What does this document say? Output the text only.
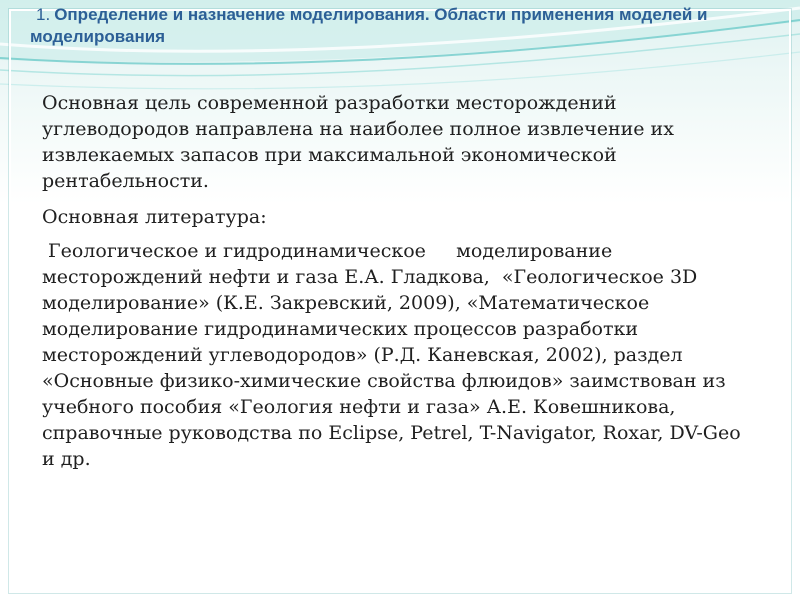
1. Определение и назначение моделирования. Области применения моделей и моделирования

Основная цель современной разработки месторождений углеводородов направлена на наиболее полное извлечение их извлекаемых запасов при максимальной экономической рентабельности.

Основная литература:

Геологическое и гидродинамическое     моделирование месторождений нефти и газа Е.А. Гладкова,  «Геологическое 3D моделирование» (К.Е. Закревский, 2009), «Математическое моделирование гидродинамических процессов разработки месторождений углеводородов» (Р.Д. Каневская, 2002), раздел «Основные физико-химические свойства флюидов» заимствован из учебного пособия «Геология нефти и газа» А.Е. Ковешникова, справочные руководства по Eclipse, Petrel, T-Navigator, Roxar, DV-Geo и др.
